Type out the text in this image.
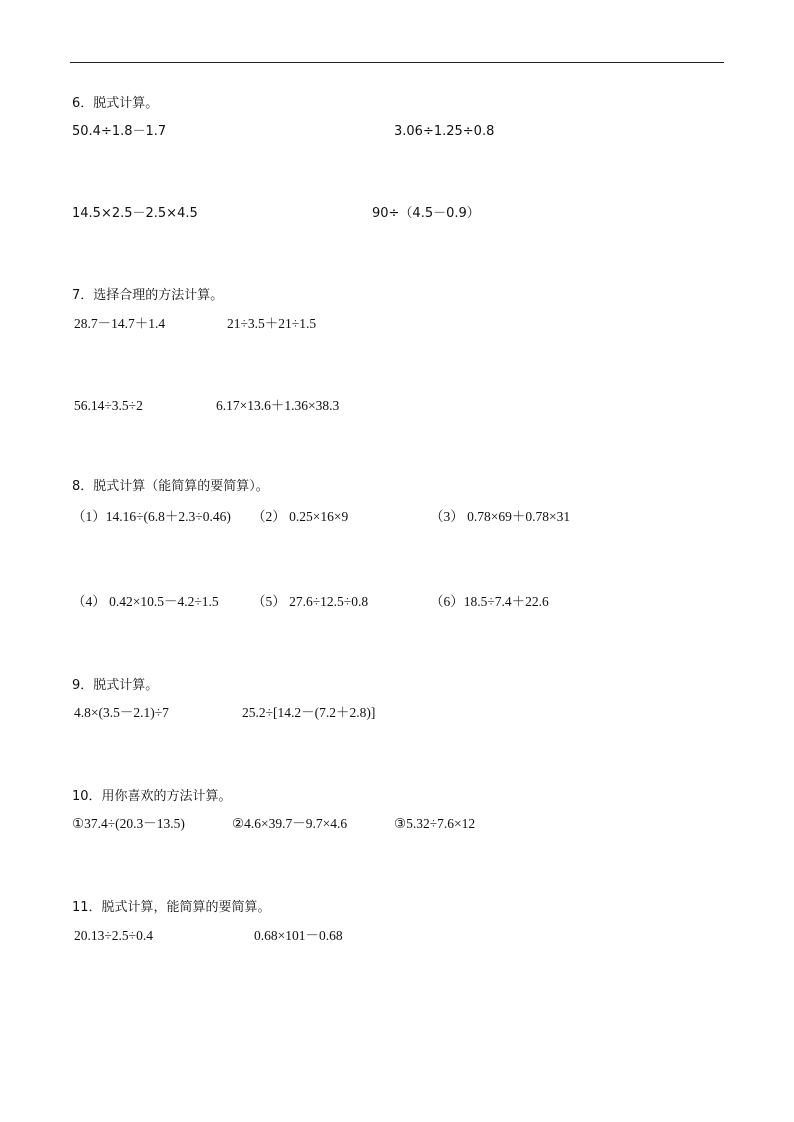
6．脱式计算。
50.4÷1.8－1.7	3.06÷1.25÷0.8
14.5×2.5－2.5×4.5	90÷（4.5－0.9）
7．选择合理的方法计算。
28.7－14.7＋1.4	21÷3.5＋21÷1.5
56.14÷3.5÷2	6.17×13.6＋1.36×38.3
8．脱式计算（能简算的要简算）。
（1）14.16÷(6.8＋2.3÷0.46) （2） 0.25×16×9	（3） 0.78×69＋0.78×31
（4） 0.42×10.5－4.2÷1.5 （5） 27.6÷12.5÷0.8	（6）18.5÷7.4＋22.6
9．脱式计算。
4.8×(3.5－2.1)÷7	25.2÷[14.2－(7.2＋2.8)]
10．用你喜欢的方法计算。
①37.4÷(20.3－13.5)	②4.6×39.7－9.7×4.6	③5.32÷7.6×12
11．脱式计算，能简算的要简算。
20.13÷2.5÷0.4	0.68×101－0.68
